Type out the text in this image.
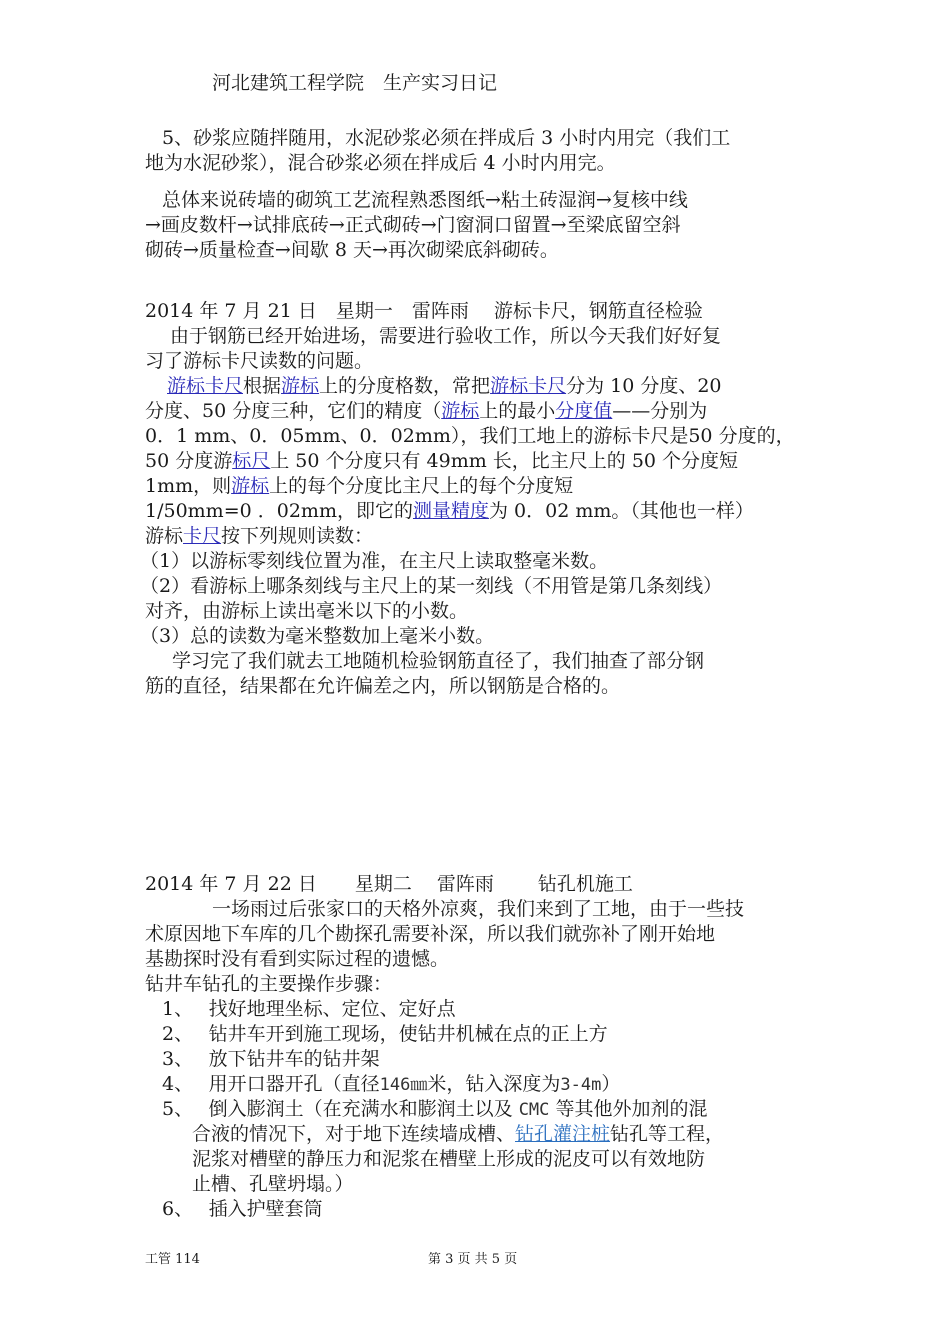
河北建筑工程学院　生产实习日记
5、砂浆应随拌随用，水泥砂浆必须在拌成后 3 小时内用完（我们工
地为水泥砂浆），混合砂浆必须在拌成后 4 小时内用完。
总体来说砖墙的砌筑工艺流程熟悉图纸→粘土砖湿润→复核中线
→画皮数杆→试排底砖→正式砌砖→门窗洞口留置→至梁底留空斜
砌砖→质量检查→间歇 8 天→再次砌梁底斜砌砖。
2014 年 7 月 21 日　星期一　雷阵雨　 游标卡尺，钢筋直径检验
由于钢筋已经开始进场，需要进行验收工作，所以今天我们好好复
习了游标卡尺读数的问题。
游标卡尺根据游标上的分度格数，常把游标卡尺分为 10 分度、20
分度、50 分度三种，它们的精度（游标上的最小分度值——分别为
0．1 mm、0．05mm、0．02mm），我们工地上的游标卡尺是50 分度的，
50 分度游标尺上 50 个分度只有 49mm 长，比主尺上的 50 个分度短
1mm，则游标上的每个分度比主尺上的每个分度短
1/50mm=0 ．02mm，即它的测量精度为 0．02 mm。（其他也一样）
游标卡尺按下列规则读数：
（1）以游标零刻线位置为准，在主尺上读取整毫米数。
（2）看游标上哪条刻线与主尺上的某一刻线（不用管是第几条刻线）
对齐，由游标上读出毫米以下的小数。
（3）总的读数为毫米整数加上毫米小数。
学习完了我们就去工地随机检验钢筋直径了，我们抽查了部分钢
筋的直径，结果都在允许偏差之内，所以钢筋是合格的。
2014 年 7 月 22 日　　星期二　 雷阵雨　　 钻孔机施工
一场雨过后张家口的天格外凉爽，我们来到了工地，由于一些技
术原因地下车库的几个勘探孔需要补深，所以我们就弥补了刚开始地
基勘探时没有看到实际过程的遗憾。
钻井车钻孔的主要操作步骤：
1、　 找好地理坐标、定位、定好点
2、　 钻井车开到施工现场，使钻井机械在点的正上方
3、　 放下钻井车的钻井架
4、　 用开口器开孔（直径146㎜米，钻入深度为3-4m）
5、　 倒入膨润土（在充满水和膨润土以及 CMC 等其他外加剂的混
合液的情况下，对于地下连续墙成槽、钻孔灌注桩钻孔等工程，
泥浆对槽壁的静压力和泥浆在槽壁上形成的泥皮可以有效地防
止槽、孔壁坍塌。）
6、　 插入护壁套筒
工管 114	第 3 页 共 5 页
